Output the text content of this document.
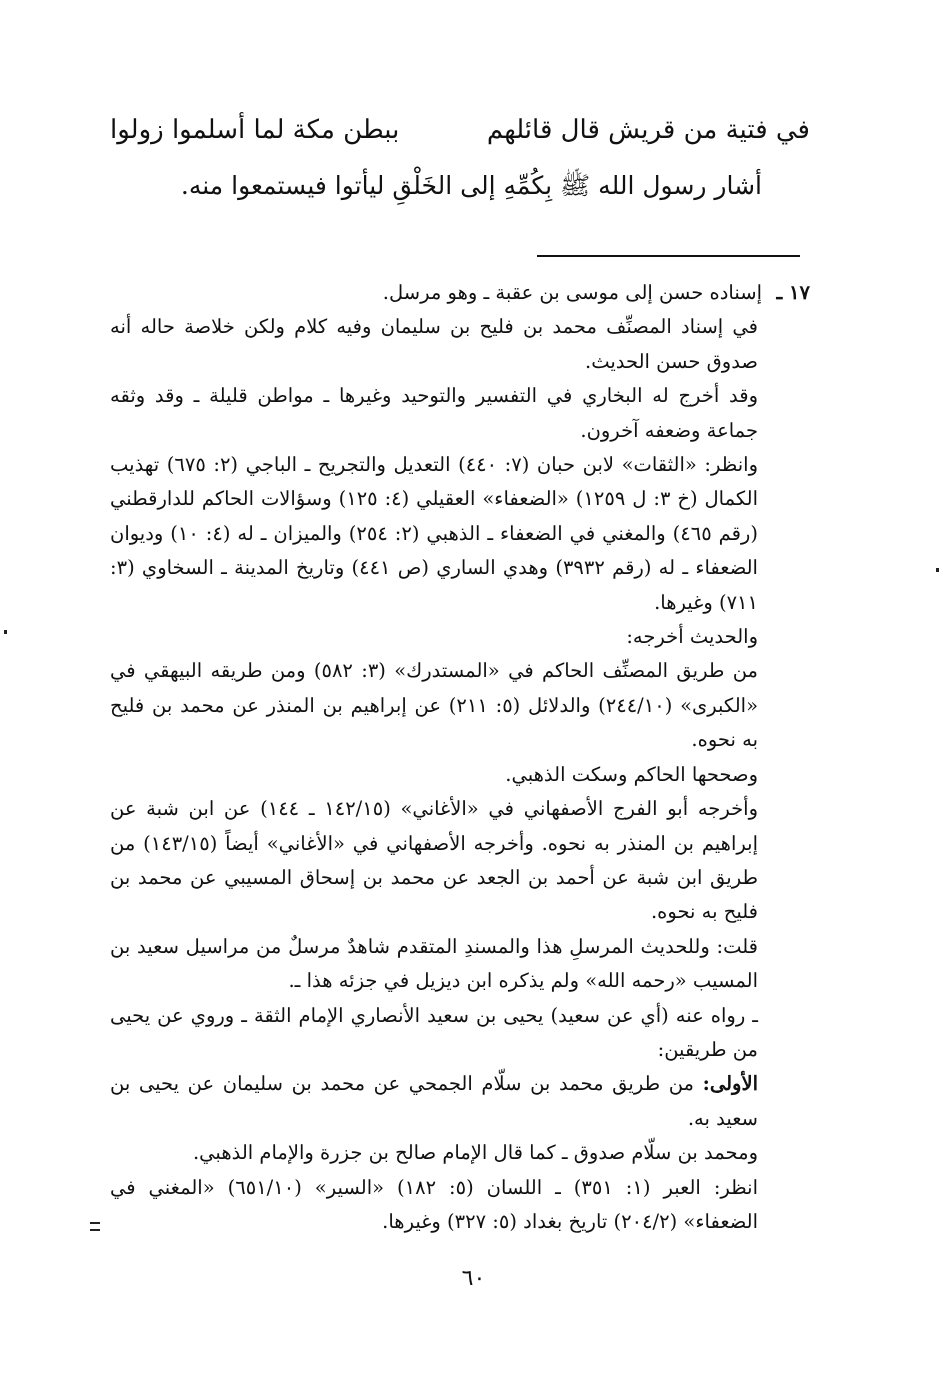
في فتية من قريش قال قائلهم
ببطن مكة لما أسلموا زولوا
أشار رسول الله ﷺ بِكُمِّهِ إلى الخَلْقِ ليأتوا فيستمعوا منه.
١٧ ـ
إسناده حسن إلى موسى بن عقبة ـ وهو مرسل.
في إسناد المصنِّف محمد بن فليح بن سليمان وفيه كلام ولكن خلاصة حاله أنه صدوق حسن الحديث.
وقد أخرج له البخاري في التفسير والتوحيد وغيرها ـ مواطن قليلة ـ وقد وثقه جماعة وضعفه آخرون.
وانظر: «الثقات» لابن حبان (٧: ٤٤٠) التعديل والتجريح ـ الباجي (٢: ٦٧٥) تهذيب الكمال (خ ٣: ل ١٢٥٩) «الضعفاء» العقيلي (٤: ١٢٥) وسؤالات الحاكم للدارقطني (رقم ٤٦٥) والمغني في الضعفاء ـ الذهبي (٢: ٢٥٤) والميزان ـ له (٤: ١٠) وديوان الضعفاء ـ له (رقم ٣٩٣٢) وهدي الساري (ص ٤٤١) وتاريخ المدينة ـ السخاوي (٣: ٧١١) وغيرها.
والحديث أخرجه:
من طريق المصنِّف الحاكم في «المستدرك» (٣: ٥٨٢) ومن طريقه البيهقي في «الكبرى» (٢٤٤/١٠) والدلائل (٥: ٢١١) عن إبراهيم بن المنذر عن محمد بن فليح به نحوه.
وصححها الحاكم وسكت الذهبي.
وأخرجه أبو الفرج الأصفهاني في «الأغاني» (١٤٢/١٥ ـ ١٤٤) عن ابن شبة عن إبراهيم بن المنذر به نحوه. وأخرجه الأصفهاني في «الأغاني» أيضاً (١٤٣/١٥) من طريق ابن شبة عن أحمد بن الجعد عن محمد بن إسحاق المسيبي عن محمد بن فليح به نحوه.
قلت: وللحديث المرسلِ هذا والمسندِ المتقدم شاهدٌ مرسلٌ من مراسيل سعيد بن المسيب «رحمه الله» ولم يذكره ابن ديزيل في جزئه هذا ـ.
ـ رواه عنه (أي عن سعيد) يحيى بن سعيد الأنصاري الإمام الثقة ـ وروي عن يحيى من طريقين:
الأولى: من طريق محمد بن سلّام الجمحي عن محمد بن سليمان عن يحيى بن سعيد به.
ومحمد بن سلّام صدوق ـ كما قال الإمام صالح بن جزرة والإمام الذهبي.
انظر: العبر (١: ٣٥١) ـ اللسان (٥: ١٨٢) «السير» (٦٥١/١٠) «المغني في الضعفاء» (٢٠٤/٢) تاريخ بغداد (٥: ٣٢٧) وغيرها.
٦٠
